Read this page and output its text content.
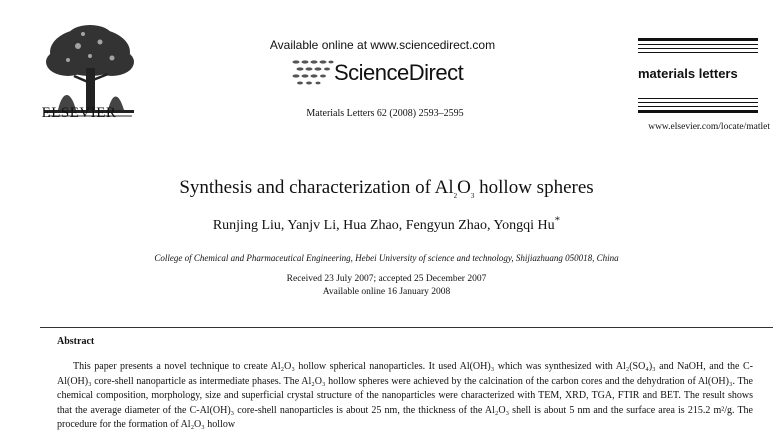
ELSEVIER
Available online at www.sciencedirect.com
ScienceDirect
Materials Letters 62 (2008) 2593–2595
materials letters
www.elsevier.com/locate/matlet
Synthesis and characterization of $Al_2O_3$ hollow spheres
Runjing Liu, Yanjv Li, Hua Zhao, Fengyun Zhao, Yongqi Hu*
College of Chemical and Pharmaceutical Engineering, Hebei University of science and technology, Shijiazhuang 050018, China
Received 23 July 2007; accepted 25 December 2007
Available online 16 January 2008
Abstract

This paper presents a novel technique to create Al₂O₃ hollow spherical nanoparticles. It used Al(OH)₃ which was synthesized with Al₂(SO₄)₃ and NaOH, and the C-Al(OH)₃ core-shell nanoparticle as intermediate phases. The Al₂O₃ hollow spheres were achieved by the calcination of the carbon cores and the dehydration of Al(OH)₃. The chemical composition, morphology, size and superficial crystal structure of the nanoparticles were characterized with TEM, XRD, TGA, FTIR and BET. The result shows that the average diameter of the C-Al(OH)₃ core-shell nanoparticles is about 25 nm, the thickness of the Al₂O₃ shell is about 5 nm and the surface area is 215.2 m²/g. The procedure for the formation of Al₂O₃ hollow
